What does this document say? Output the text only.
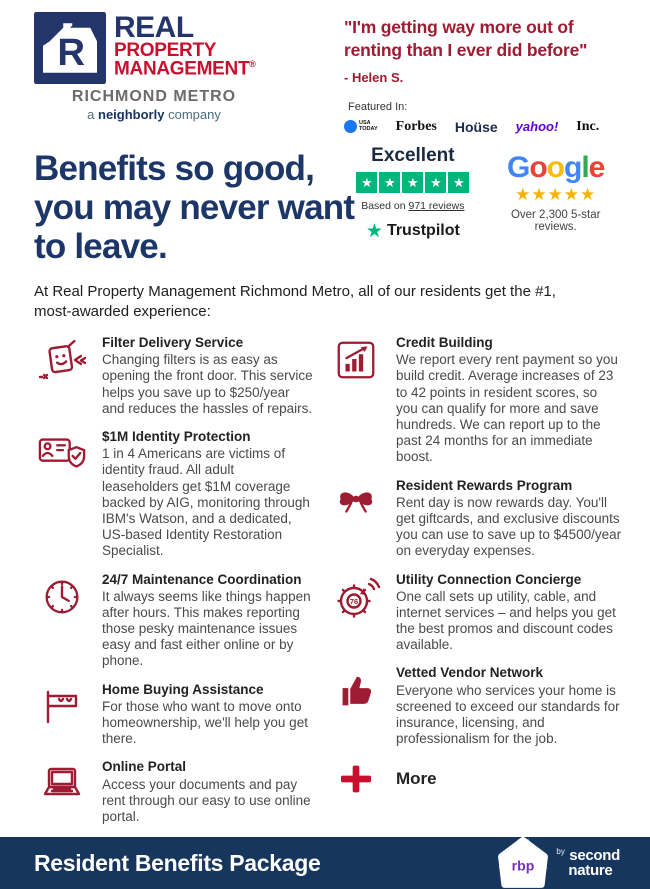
R
REAL
PROPERTY
MANAGEMENT®
RICHMOND METRO
a neighborly company
"I'm getting way more out of renting than I ever did before"
- Helen S.
Featured In:
USA
TODAY Forbes Hoüse yahoo! Inc.
Benefits so good, you may never want to leave.
Excellent
★ ★ ★ ★ ★
Based on 971 reviews
★ Trustpilot
Google
★★★★★
Over 2,300 5-star reviews.
At Real Property Management Richmond Metro, all of our residents get the #1, most-awarded experience:
Filter Delivery Service
Changing filters is as easy as opening the front door. This service helps you save up to $250/year and reduces the hassles of repairs.
$1M Identity Protection
1 in 4 Americans are victims of identity fraud. All adult leaseholders get $1M coverage backed by AIG, monitoring through IBM's Watson, and a dedicated, US-based Identity Restoration Specialist.
24/7 Maintenance Coordination
It always seems like things happen after hours. This makes reporting those pesky maintenance issues easy and fast either online or by phone.
Home Buying Assistance
For those who want to move onto homeownership, we'll help you get there.
Online Portal
Access your documents and pay rent through our easy to use online portal.
Credit Building
We report every rent payment so you build credit. Average increases of 23 to 42 points in resident scores, so you can qualify for more and save hundreds. We can report up to the past 24 months for an immediate boost.
Resident Rewards Program
Rent day is now rewards day. You'll get giftcards, and exclusive discounts you can use to save up to $4500/year on everyday expenses.
76
Utility Connection Concierge
One call sets up utility, cable, and internet services – and helps you get the best promos and discount codes available.
Vetted Vendor Network
Everyone who services your home is screened to exceed our standards for insurance, licensing, and professionalism for the job.
More
Resident Benefits Package	rbp
$^{by}$ second
nature
